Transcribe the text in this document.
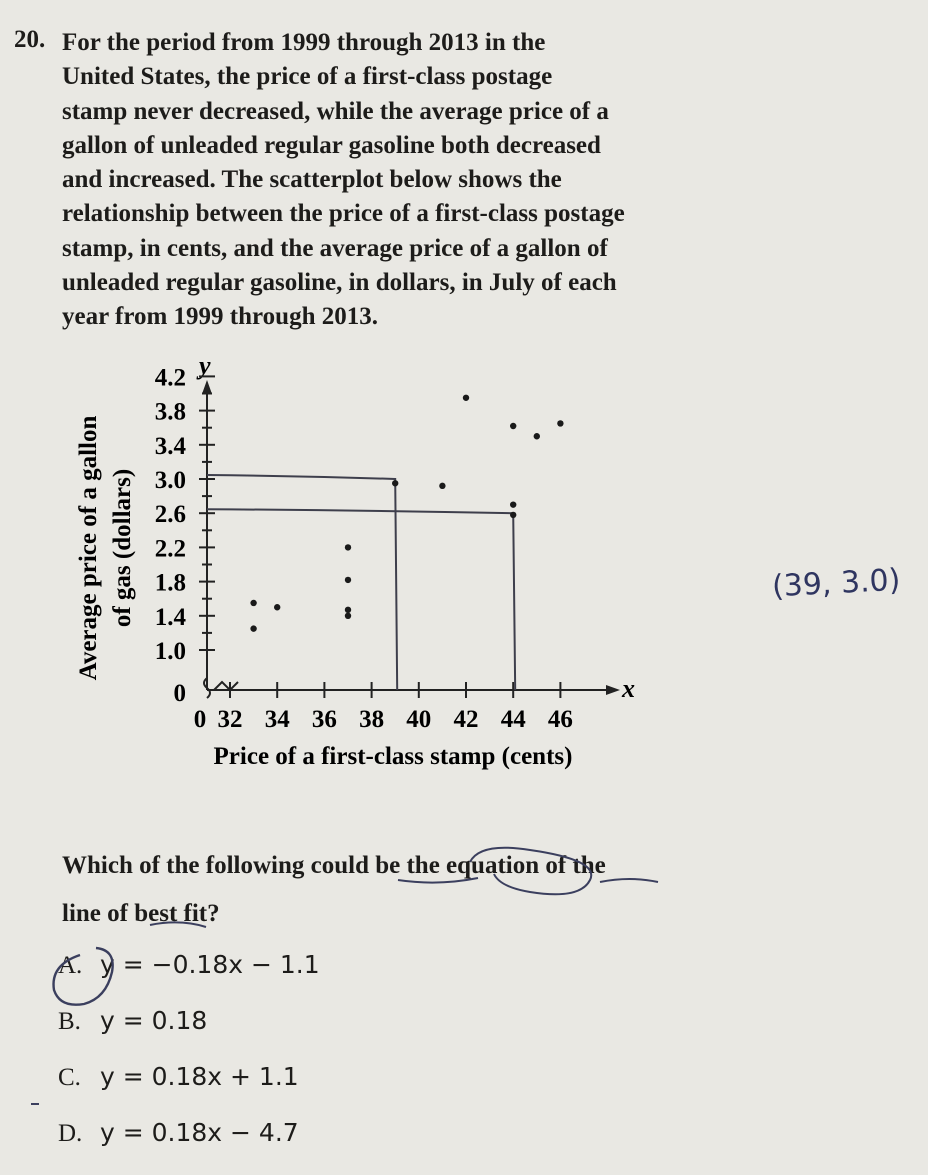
20. For the period from 1999 through 2013 in the
United States, the price of a first-class postage
stamp never decreased, while the average price of a
gallon of unleaded regular gasoline both decreased
and increased. The scatterplot below shows the
relationship between the price of a first-class postage
stamp, in cents, and the average price of a gallon of
unleaded regular gasoline, in dollars, in July of each
year from 1999 through 2013.
Average price of a gallon of gas (dollars)
y
x
0
1.0
1.4
1.8
2.2
2.6
3.0
3.4
3.8
4.2
0 32 34 36 38 40 42 44 46
Price of a first-class stamp (cents)
(39, 3.0)
Which of the following could be the equation of the
line of best fit?
A. y = −0.18x − 1.1
B. y = 0.18
C. y = 0.18x + 1.1
D. y = 0.18x − 4.7
